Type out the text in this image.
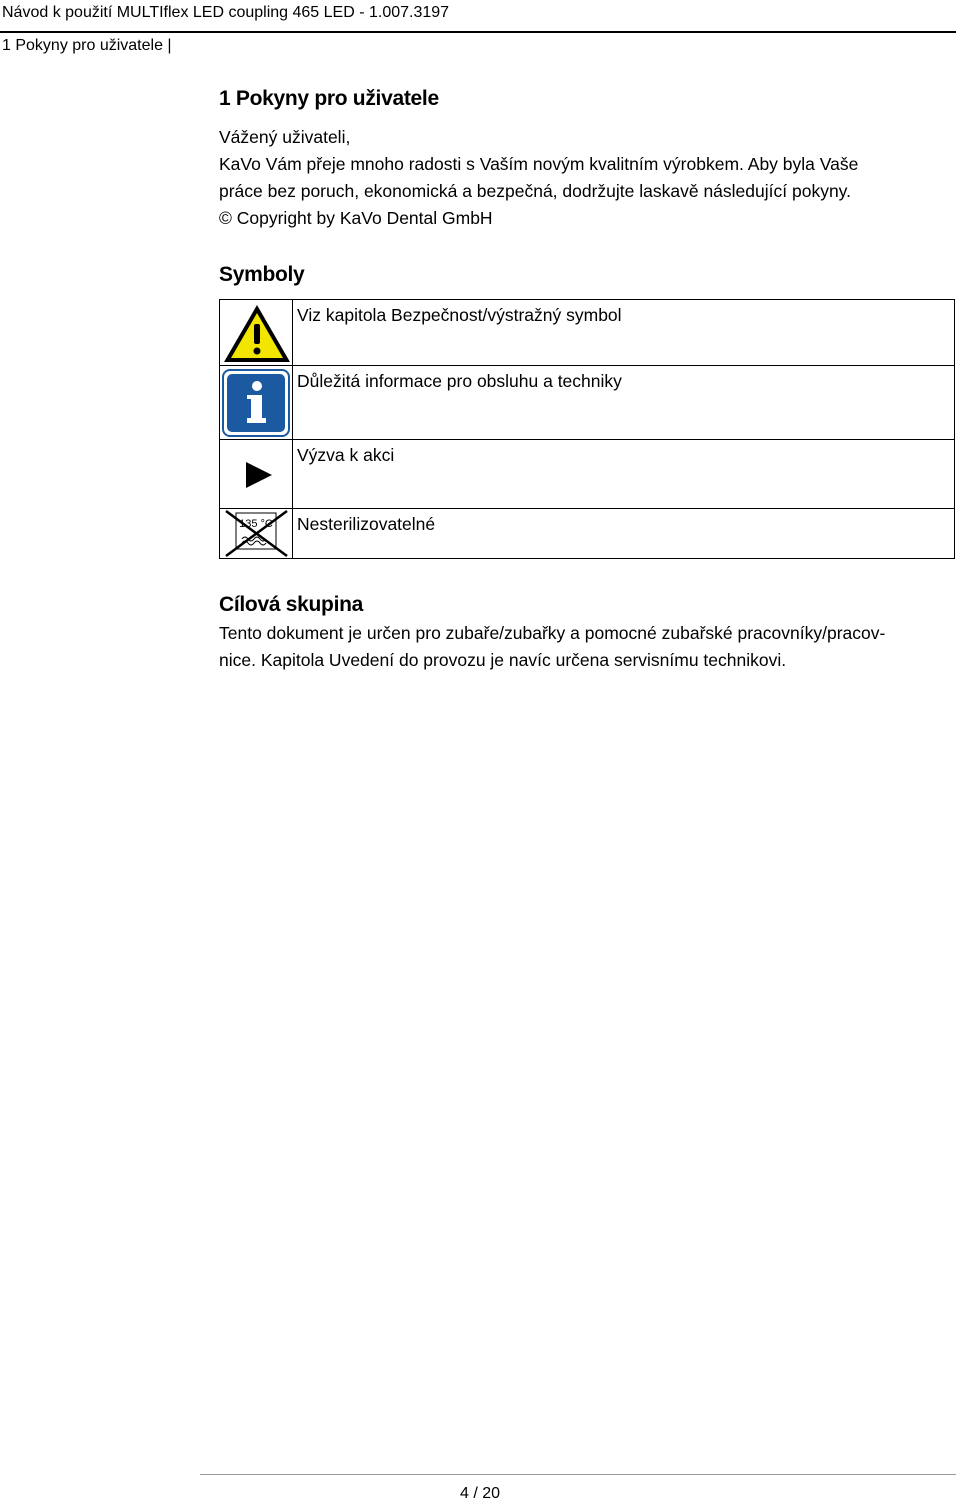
Návod k použití MULTIflex LED coupling 465 LED - 1.007.3197
1 Pokyny pro uživatele |
1 Pokyny pro uživatele
Vážený uživateli,
KaVo Vám přeje mnoho radosti s Vaším novým kvalitním výrobkem. Aby byla Vaše
práce bez poruch, ekonomická a bezpečná, dodržujte laskavě následující pokyny.
© Copyright by KaVo Dental GmbH
Symboly
	Viz kapitola Bezpečnost/výstražný symbol

	Důležitá informace pro obsluhu a techniky

	Výzva k akci

135 °C	Nesterilizovatelné
Cílová skupina
Tento dokument je určen pro zubaře/zubařky a pomocné zubařské pracovníky/pracov-
nice. Kapitola Uvedení do provozu je navíc určena servisnímu technikovi.
4 / 20
